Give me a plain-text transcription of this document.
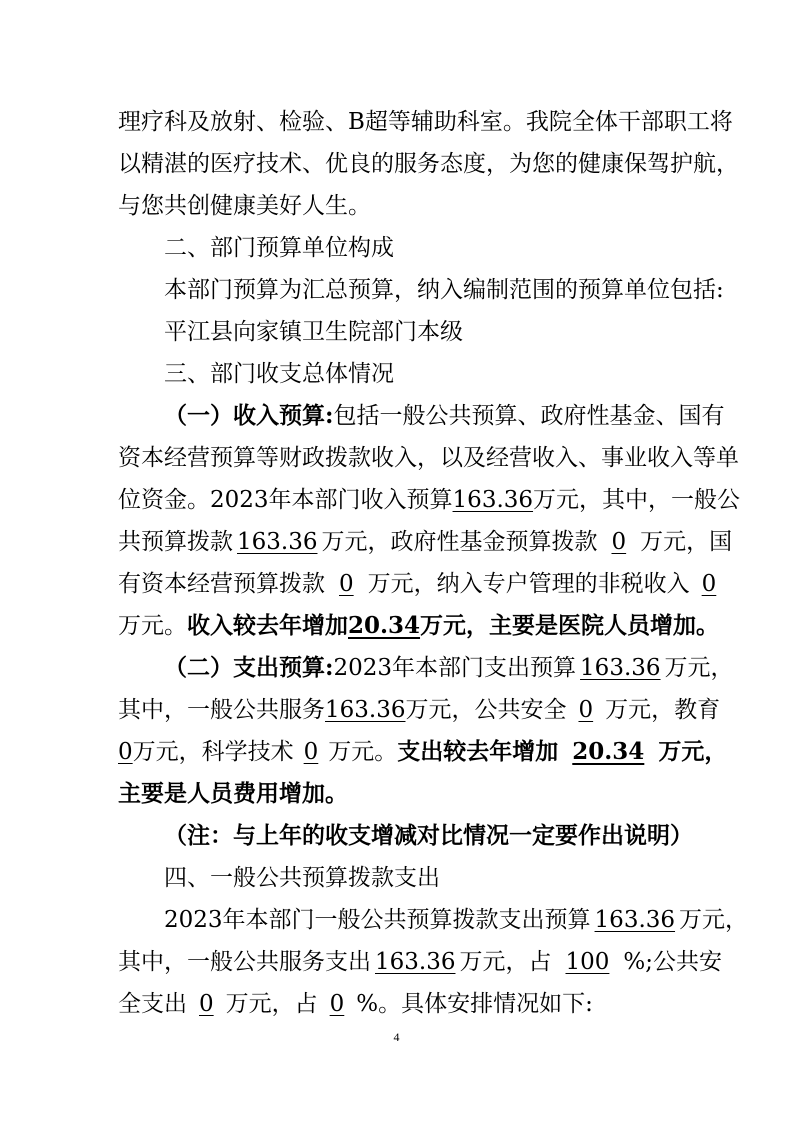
理疗科及放射、检验、B超等辅助科室。我院全体干部职工将
以精湛的医疗技术、优良的服务态度，为您的健康保驾护航，
与您共创健康美好人生。
二、部门预算单位构成
本部门预算为汇总预算，纳入编制范围的预算单位包括:
平江县向家镇卫生院部门本级
三、部门收支总体情况
（一）收入预算:包括一般公共预算、政府性基金、国有
资本经营预算等财政拨款收入，以及经营收入、事业收入等单
位资金。2023年本部门收入预算163.36万元，其中，一般公
共预算拨款 163.36 万元，政府性基金预算拨款 0 万元，国
有资本经营预算拨款 0 万元，纳入专户管理的非税收入 0
万元。收入较去年增加20.34万元，主要是医院人员增加。
（二）支出预算:2023年本部门支出预算 163.36 万元，
其中，一般公共服务163.36万元，公共安全 0 万元，教育
0万元，科学技术 0 万元。支出较去年增加 20.34 万元，
主要是人员费用增加。
（注：与上年的收支增减对比情况一定要作出说明）
四、一般公共预算拨款支出
2023年本部门一般公共预算拨款支出预算 163.36 万元，
其中，一般公共服务支出 163.36 万元，占 100 %;公共安
全支出 0 万元，占 0 %。具体安排情况如下:
4
